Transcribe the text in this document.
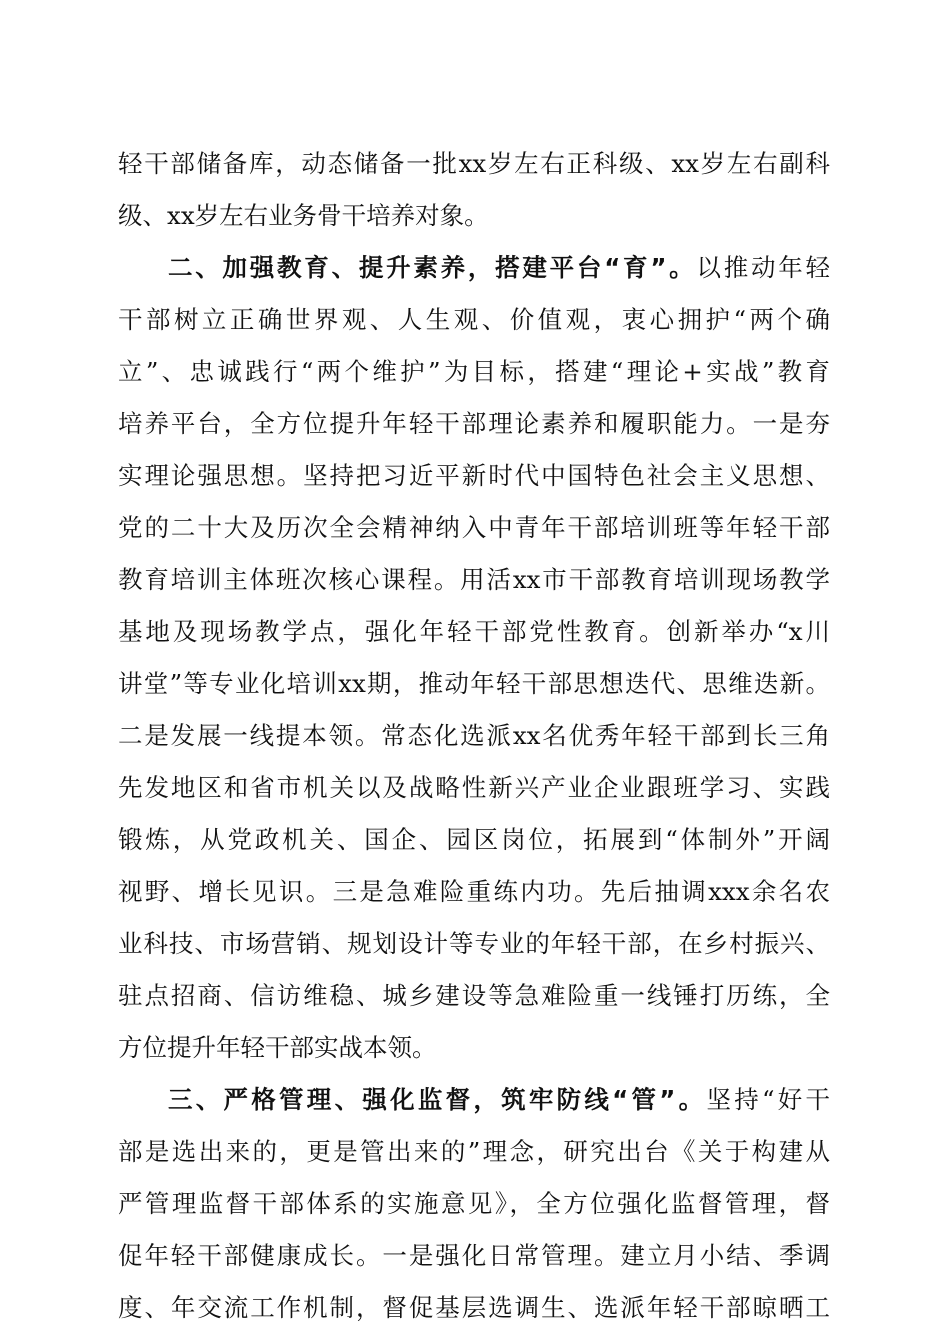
轻干部储备库，动态储备一批xx岁左右正科级、xx岁左右副科
级、xx岁左右业务骨干培养对象。
二、加强教育、提升素养，搭建平台“育”。以推动年轻
干部树立正确世界观、人生观、价值观，衷心拥护“两个确
立”、忠诚践行“两个维护”为目标，搭建“理论+实战”教育
培养平台，全方位提升年轻干部理论素养和履职能力。一是夯
实理论强思想。坚持把习近平新时代中国特色社会主义思想、
党的二十大及历次全会精神纳入中青年干部培训班等年轻干部
教育培训主体班次核心课程。用活xx市干部教育培训现场教学
基地及现场教学点，强化年轻干部党性教育。创新举办“x川
讲堂”等专业化培训xx期，推动年轻干部思想迭代、思维迭新。
二是发展一线提本领。常态化选派xx名优秀年轻干部到长三角
先发地区和省市机关以及战略性新兴产业企业跟班学习、实践
锻炼，从党政机关、国企、园区岗位，拓展到“体制外”开阔
视野、增长见识。三是急难险重练内功。先后抽调xxx余名农
业科技、市场营销、规划设计等专业的年轻干部，在乡村振兴、
驻点招商、信访维稳、城乡建设等急难险重一线锤打历练，全
方位提升年轻干部实战本领。
三、严格管理、强化监督，筑牢防线“管”。坚持“好干
部是选出来的，更是管出来的”理念，研究出台《关于构建从
严管理监督干部体系的实施意见》，全方位强化监督管理，督
促年轻干部健康成长。一是强化日常管理。建立月小结、季调
度、年交流工作机制，督促基层选调生、选派年轻干部晾晒工
